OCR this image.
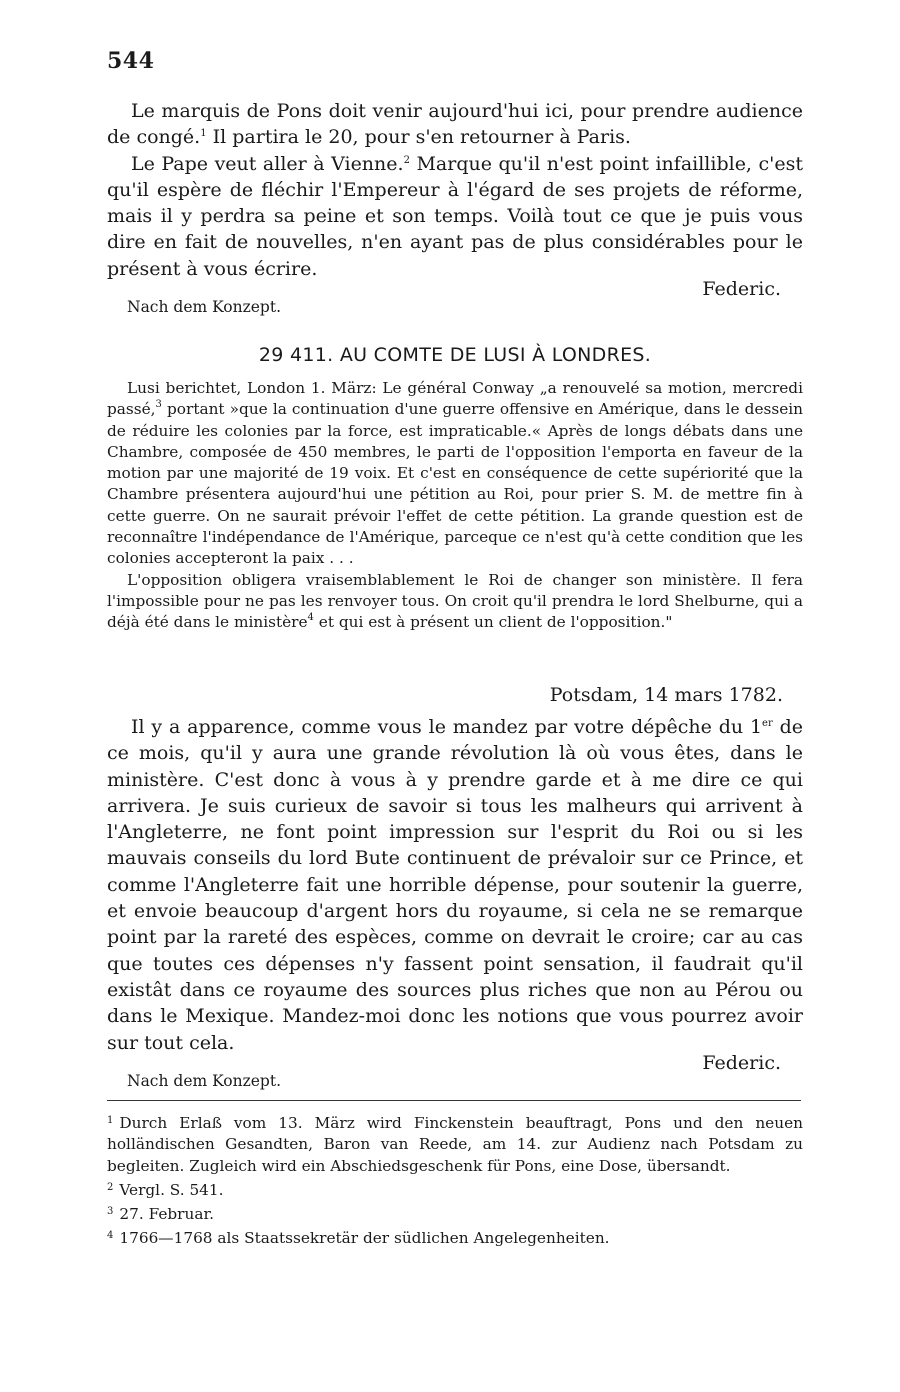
544

Le marquis de Pons doit venir aujourd'hui ici, pour prendre audience de congé.$^1$ Il partira le 20, pour s'en retourner à Paris.

Le Pape veut aller à Vienne.$^2$ Marque qu'il n'est point infaillible, c'est qu'il espère de fléchir l'Empereur à l'égard de ses projets de réforme, mais il y perdra sa peine et son temps. Voilà tout ce que je puis vous dire en fait de nouvelles, n'en ayant pas de plus considérables pour le présent à vous écrire.

Federic.
Nach dem Konzept.
29 411. AU COMTE DE LUSI À LONDRES.

Lusi berichtet, London 1. März: Le général Conway „a renouvelé sa motion, mercredi passé,$^3$ portant »que la continuation d'une guerre offensive en Amérique, dans le dessein de réduire les colonies par la force, est impraticable.« Après de longs débats dans une Chambre, composée de 450 membres, le parti de l'opposition l'emporta en faveur de la motion par une majorité de 19 voix. Et c'est en conséquence de cette supériorité que la Chambre présentera aujourd'hui une pétition au Roi, pour prier S. M. de mettre fin à cette guerre. On ne saurait prévoir l'effet de cette pétition. La grande question est de reconnaître l'indépendance de l'Amérique, parceque ce n'est qu'à cette condition que les colonies accepteront la paix . . .

L'opposition obligera vraisemblablement le Roi de changer son ministère. Il fera l'impossible pour ne pas les renvoyer tous. On croit qu'il prendra le lord Shelburne, qui a déjà été dans le ministère$^4$ et qui est à présent un client de l'opposition."

Potsdam, 14 mars 1782.

Il y a apparence, comme vous le mandez par votre dépêche du 1er de ce mois, qu'il y aura une grande révolution là où vous êtes, dans le ministère. C'est donc à vous à y prendre garde et à me dire ce qui arrivera. Je suis curieux de savoir si tous les malheurs qui arrivent à l'Angleterre, ne font point impression sur l'esprit du Roi ou si les mauvais conseils du lord Bute continuent de prévaloir sur ce Prince, et comme l'Angleterre fait une horrible dépense, pour soutenir la guerre, et envoie beaucoup d'argent hors du royaume, si cela ne se remarque point par la rareté des espèces, comme on devrait le croire; car au cas que toutes ces dépenses n'y fassent point sensation, il faudrait qu'il existât dans ce royaume des sources plus riches que non au Pérou ou dans le Mexique. Mandez-moi donc les notions que vous pourrez avoir sur tout cela.

Federic.
Nach dem Konzept.

$^1$ Durch Erlaß vom 13. März wird Finckenstein beauftragt, Pons und den neuen holländischen Gesandten, Baron van Reede, am 14. zur Audienz nach Potsdam zu begleiten. Zugleich wird ein Abschiedsgeschenk für Pons, eine Dose, übersandt.

$^2$ Vergl. S. 541.

$^3$ 27. Februar.

$^4$ 1766—1768 als Staatssekretär der südlichen Angelegenheiten.
